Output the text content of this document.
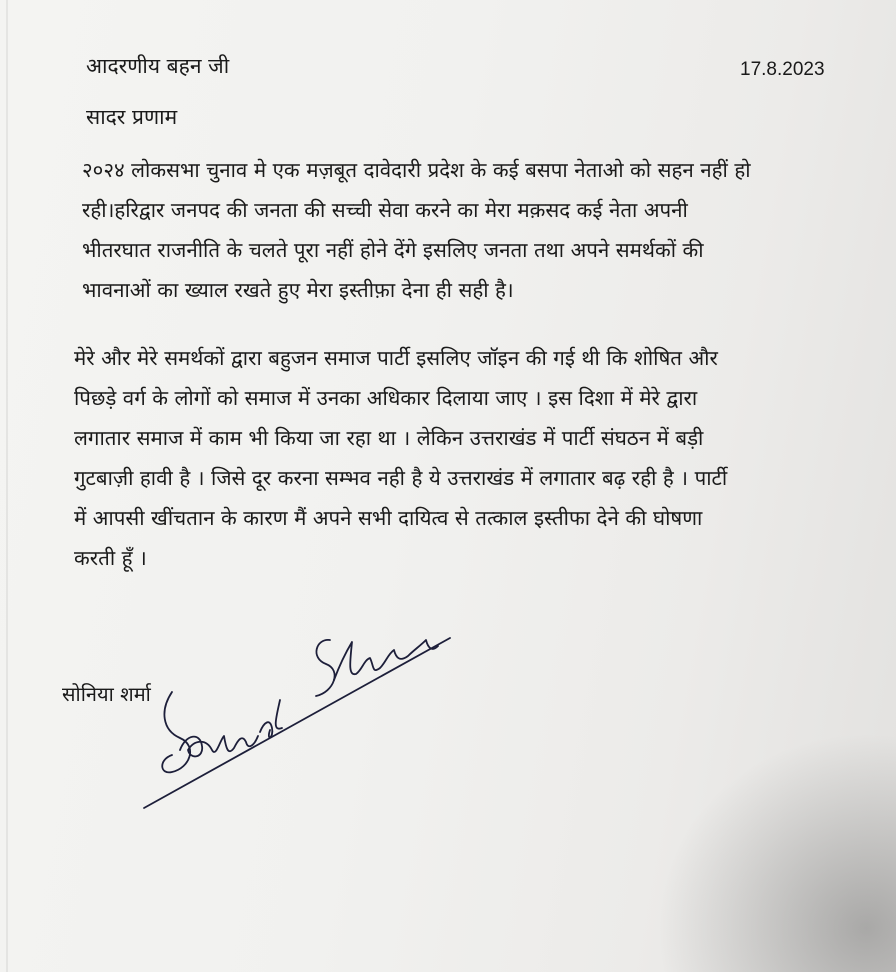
आदरणीय बहन जी	17.8.2023
सादर प्रणाम

२०२४ लोकसभा चुनाव मे एक मज़बूत दावेदारी प्रदेश के कई बसपा नेताओ को सहन नहीं हो
रही।हरिद्वार जनपद की जनता की सच्ची सेवा करने का मेरा मक़सद कई नेता अपनी
भीतरघात राजनीति के चलते पूरा नहीं होने देंगे इसलिए जनता तथा अपने समर्थकों की
भावनाओं का ख्याल रखते हुए मेरा इस्तीफ़ा देना ही सही है।

मेरे और मेरे समर्थकों द्वारा बहुजन समाज पार्टी इसलिए जॉइन की गई थी कि शोषित और
पिछड़े वर्ग के लोगों को समाज में उनका अधिकार दिलाया जाए । इस दिशा में मेरे द्वारा
लगातार समाज में काम भी किया जा रहा था । लेकिन उत्तराखंड में पार्टी संघठन में बड़ी
गुटबाज़ी हावी है । जिसे दूर करना सम्भव नही है ये उत्तराखंड में लगातार बढ़ रही है । पार्टी
में आपसी खींचतान के कारण मैं अपने सभी दायित्व से तत्काल इस्तीफा देने की घोषणा
करती हूँ ।

सोनिया शर्मा
